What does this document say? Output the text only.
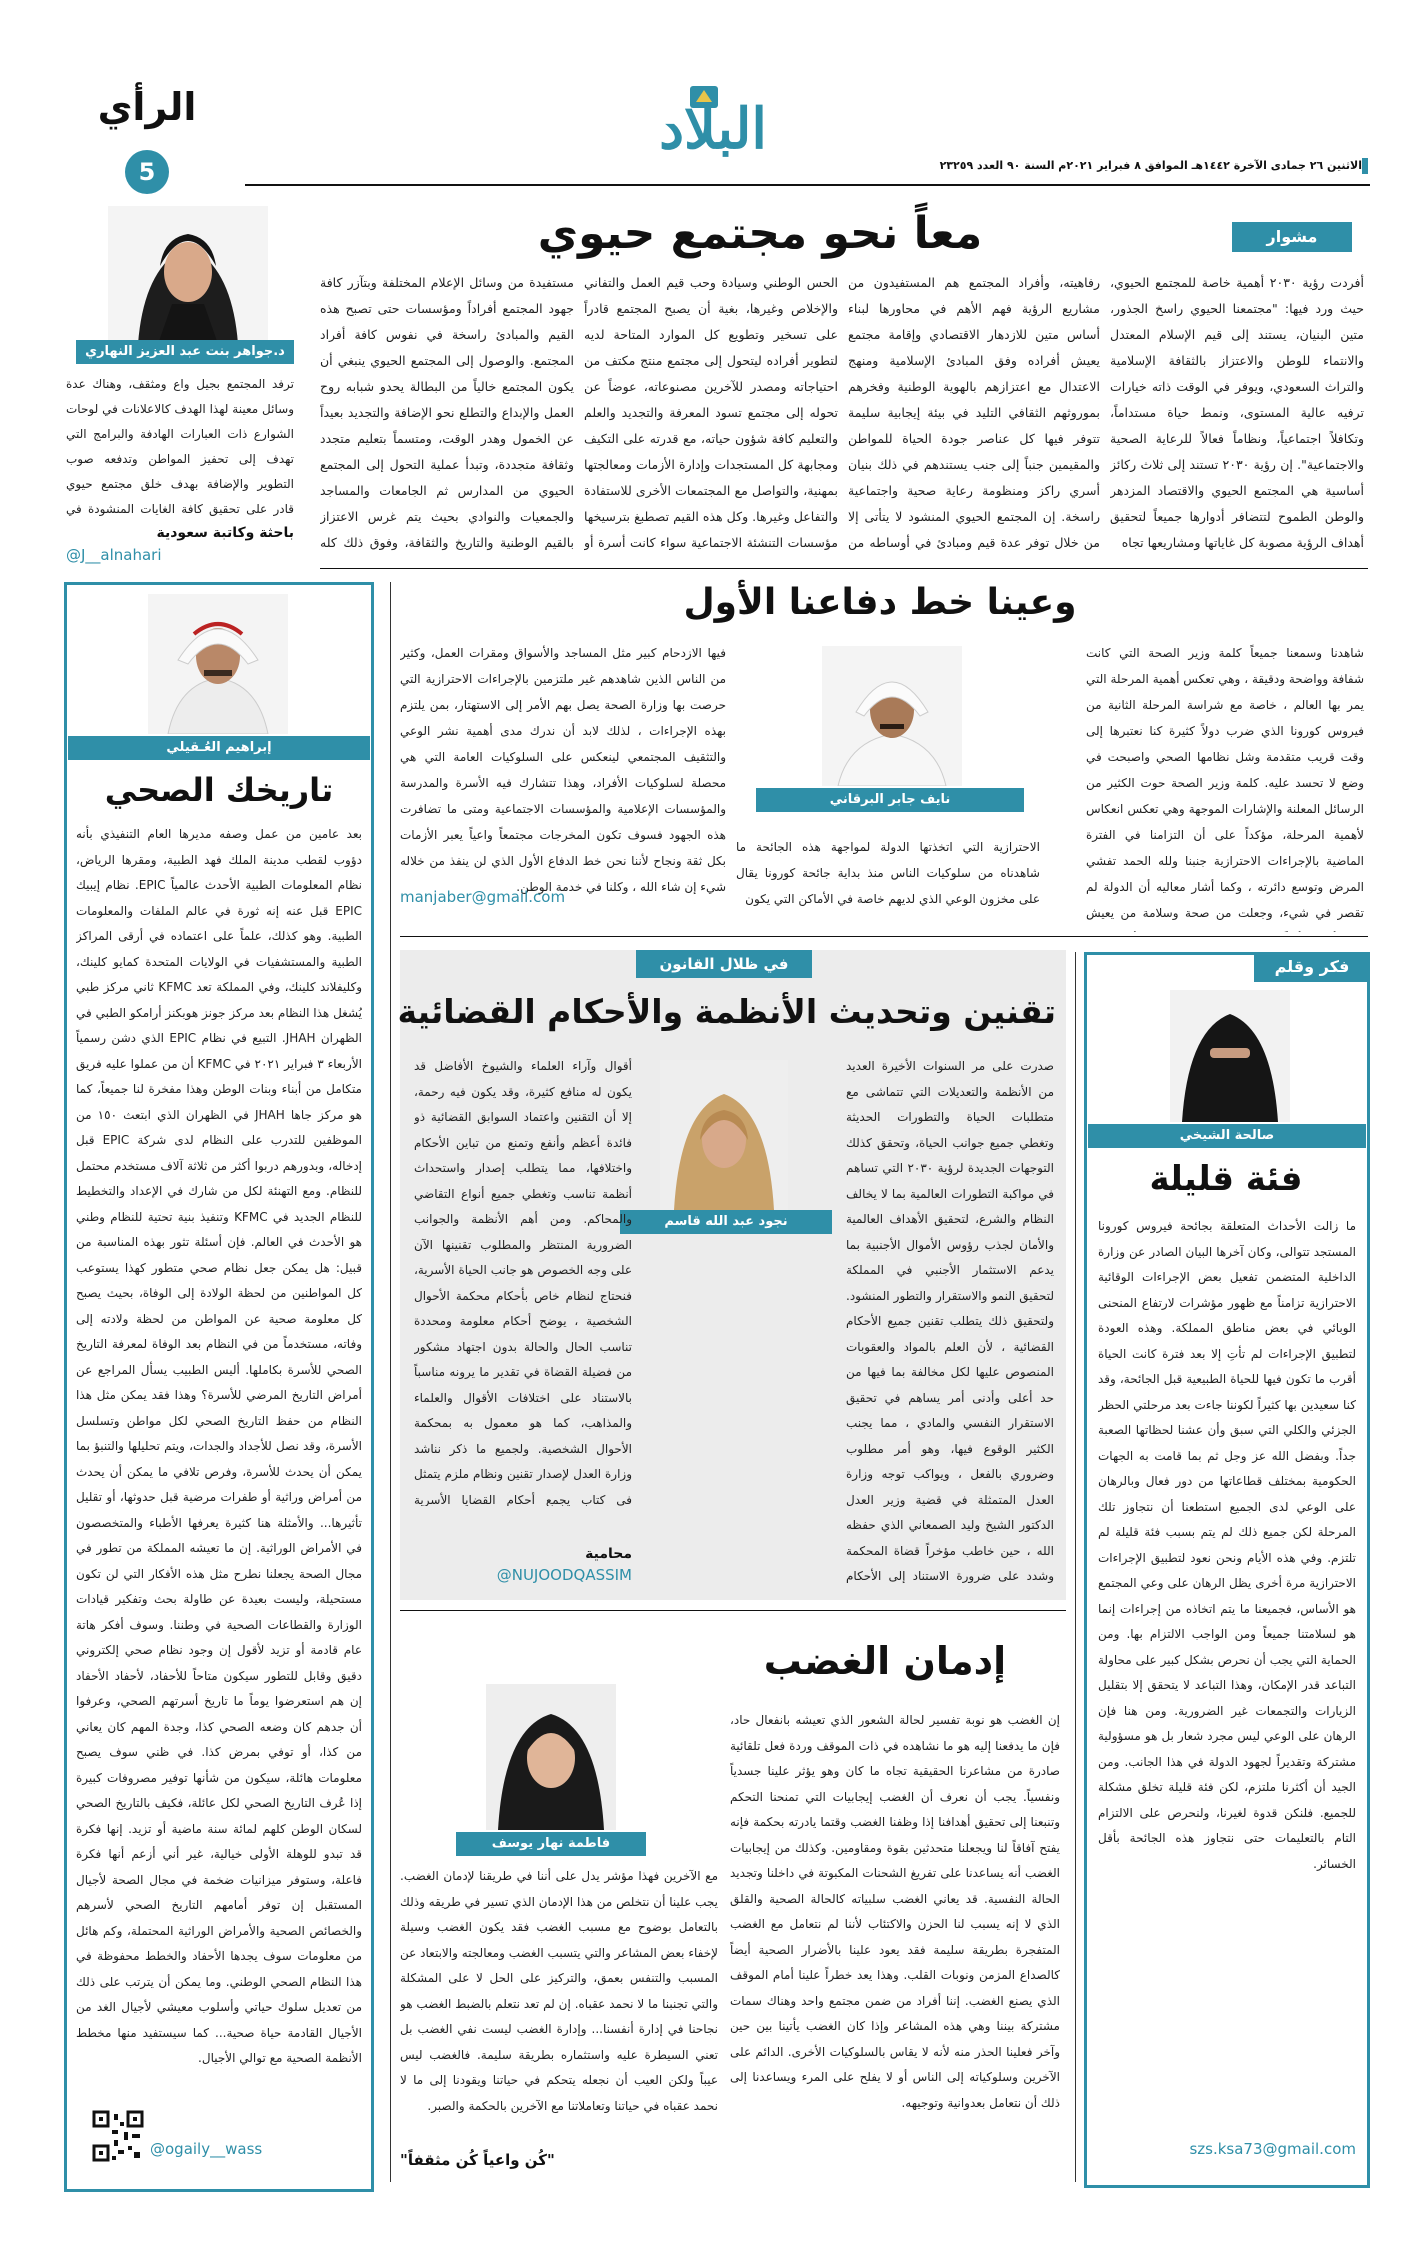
البلاد
الرأي
5	الاثنين ٢٦ جمادى الآخرة ١٤٤٢هـ الموافق ٨ فبراير ٢٠٢١م السنة ٩٠ العدد ٢٣٢٥٩
د.جواهر بنت عبد العزيز النهاري
ترفد المجتمع بجيل واع ومثقف، وهناك عدة وسائل معينة لهذا الهدف كالاعلانات في لوحات الشوارع ذات العبارات الهادفة والبرامج التي تهدف إلى تحفيز المواطن وتدفعه صوب التطوير والإضافة بهدف خلق مجتمع حيوي قادر على تحقيق كافة الغايات المنشودة في
باحثة وكاتبة سعودية
@J__alnahari
مشوار
معاً نحو مجتمع حيوي
أفردت رؤية ٢٠٣٠ أهمية خاصة للمجتمع الحيوي، حيث ورد فيها: "مجتمعنا الحيوي راسخ الجذور، متين البنيان، يستند إلى قيم الإسلام المعتدل والانتماء للوطن والاعتزاز بالثقافة الإسلامية والتراث السعودي، ويوفر في الوقت ذاته خيارات ترفيه عالية المستوى، ونمط حياة مستداماً، وتكافلاً اجتماعياً، ونظاماً فعالاً للرعاية الصحية والاجتماعية". إن رؤية ٢٠٣٠ تستند إلى ثلاث ركائز أساسية هي المجتمع الحيوي والاقتصاد المزدهر والوطن الطموح لتتضافر أدوارها جميعاً لتحقيق أهداف الرؤية مصوبة كل غاياتها ومشاريعها تجاه
رفاهيته، وأفراد المجتمع هم المستفيدون من مشاريع الرؤية فهم الأهم في محاورها لبناء أساس متين للازدهار الاقتصادي وإقامة مجتمع يعيش أفراده وفق المبادئ الإسلامية ومنهج الاعتدال مع اعتزازهم بالهوية الوطنية وفخرهم بموروثهم الثقافي التليد في بيئة إيجابية سليمة تتوفر فيها كل عناصر جودة الحياة للمواطن والمقيمين جنباً إلى جنب يستندهم في ذلك بنيان أسري راكز ومنظومة رعاية صحية واجتماعية راسخة. إن المجتمع الحيوي المنشود لا يتأتى إلا من خلال توفر عدة قيم ومبادئ في أوساطه من
الحس الوطني وسيادة وحب قيم العمل والتفاني والإخلاص وغيرها، بغية أن يصبح المجتمع قادراً على تسخير وتطويع كل الموارد المتاحة لديه لتطوير أفراده ليتحول إلى مجتمع منتج مكتف من احتياجاته ومصدر للآخرين مصنوعاته، عوضاً عن تحوله إلى مجتمع تسود المعرفة والتجديد والعلم والتعليم كافة شؤون حياته، مع قدرته على التكيف ومجابهة كل المستجدات وإدارة الأزمات ومعالجتها بمهنية، والتواصل مع المجتمعات الأخرى للاستفادة والتفاعل وغيرها. وكل هذه القيم تصطبغ بترسيخها مؤسسات التنشئة الاجتماعية سواء كانت أسرة أو
مستفيدة من وسائل الإعلام المختلفة وبتآزر كافة جهود المجتمع أفراداً ومؤسسات حتى تصبح هذه القيم والمبادئ راسخة في نفوس كافة أفراد المجتمع. والوصول إلى المجتمع الحيوي ينبغي أن يكون المجتمع خالياً من البطالة يحدو شبابه روح العمل والإبداع والتطلع نحو الإضافة والتجديد بعيداً عن الخمول وهدر الوقت، ومتسماً بتعليم متجدد وثقافة متجددة، وتبدأ عملية التحول إلى المجتمع الحيوي من المدارس ثم الجامعات والمساجد والجمعيات والنوادي بحيث يتم غرس الاعتزاز بالقيم الوطنية والتاريخ والثقافة، وفوق ذلك كله
إبراهيم العُـقيلي
تاريخك الصحي
بعد عامين من عمل وصفه مديرها العام التنفيذي بأنه دؤوب لقطب مدينة الملك فهد الطبية، ومقرها الرياض، نظام المعلومات الطبية الأحدث عالمياً EPIC. نظام إيبيك EPIC قبل عنه إنه ثورة في عالم الملفات والمعلومات الطبية. وهو كذلك، علماً على اعتماده في أرقى المراكز الطبية والمستشفيات في الولايات المتحدة كمايو كلينك، وكليفلاند كلينك، وفي المملكة تعد KFMC ثاني مركز طبي يُشغل هذا النظام بعد مركز جونز هوبكنز أرامكو الطبي في الظهران JHAH. التبيع في نظام EPIC الذي دشن رسمياً الأربعاء ٣ فبراير ٢٠٢١ في KFMC أن من عملوا عليه فريق متكامل من أبناء وبنات الوطن وهذا مفخرة لنا جميعاً، كما هو مركز جاها JHAH في الظهران الذي ابتعث ١٥٠ من الموظفين للتدرب على النظام لدى شركة EPIC قبل إدخاله، وبدورهم دربوا أكثر من ثلاثة آلاف مستخدم محتمل للنظام. ومع التهنئة لكل من شارك في الإعداد والتخطيط للنظام الجديد في KFMC وتنفيذ بنية تحتية للنظام وطني هو الأحدث في العالم. فإن أسئلة تثور بهذه المناسبة من قبيل: هل يمكن جعل نظام صحي متطور كهذا يستوعب كل المواطنين من لحظة الولادة إلى الوفاة، بحيث يصبح كل معلومة صحية عن المواطن من لحظة ولادته إلى وفاته، مستخدماً من في النظام بعد الوفاة لمعرفة التاريخ الصحي للأسرة بكاملها. أليس الطبيب يسأل المراجع عن أمراض التاريخ المرضي للأسرة؟ وهذا فقد يمكن مثل هذا النظام من حفظ التاريخ الصحي لكل مواطن وتسلسل الأسرة، وقد نصل للأجداد والجدات، ويتم تحليلها والتنبؤ بما يمكن أن يحدث للأسرة، وفرص تلافي ما يمكن أن يحدث من أمراض وراثية أو طفرات مرضية قبل حدوثها، أو تقليل تأثيرها... والأمثلة هنا كثيرة يعرفها الأطباء والمتخصصون في الأمراض الوراثية. إن ما تعيشه المملكة من تطور في مجال الصحة يجعلنا نطرح مثل هذه الأفكار التي لن تكون مستحيلة، وليست بعيدة عن طاولة بحث وتفكير قيادات الوزارة والقطاعات الصحية في وطننا. وسوف أفكر هاتة عام قادمة أو تزيد لأقول إن وجود نظام صحي إلكتروني دقيق وقابل للتطور سيكون متاحاً للأحفاد، لأحفاد الأحفاد إن هم استعرضوا يوماً ما تاريخ أسرتهم الصحي، وعرفوا أن جدهم كان وضعه الصحي كذا، وجدة المهم كان يعاني من كذا، أو توفي بمرض كذا. في ظني سوف يصبح معلومات هائلة، سيكون من شأنها توفير مصروفات كبيرة إذا عُرف التاريخ الصحي لكل عائلة، فكيف بالتاريخ الصحي لسكان الوطن كلهم لمائة سنة ماضية أو تزيد. إنها فكرة قد تبدو للوهلة الأولى خيالية، غير أني أزعم أنها فكرة فاعلة، وستوفر ميزانيات ضخمة في مجال الصحة لأجيال المستقبل إن توفر أمامهم التاريخ الصحي لأسرهم والخصائص الصحية والأمراض الوراثية المحتملة، وكم هائل من معلومات سوف يجدها الأحفاد والخطط محفوظة في هذا النظام الصحي الوطني. وما يمكن أن يترتب على ذلك من تعديل سلوك حياتي وأسلوب معيشي لأجيال الغد من الأجيال القادمة حياة صحية... كما سيستفيد منها مخطط الأنظمة الصحية مع توالي الأجيال.
@ogaily__wass
وعينا خط دفاعنا الأول
شاهدنا وسمعنا جميعاً كلمة وزير الصحة التي كانت شفافة وواضحة ودقيقة ، وهي تعكس أهمية المرحلة التي يمر بها العالم ، خاصة مع شراسة المرحلة الثانية من فيروس كورونا الذي ضرب دولاً كثيرة كنا نعتبرها إلى وقت قريب متقدمة وشل نظامها الصحي واصبحت في وضع لا تحسد عليه. كلمة وزير الصحة حوت الكثير من الرسائل المعلنة والإشارات الموجهة وهي تعكس انعكاس لأهمية المرحلة، مؤكداً على أن التزامنا في الفترة الماضية بالإجراءات الاحترازية جنبنا ولله الحمد تفشي المرض وتوسع دائرته ، وكما أشار معاليه أن الدولة لم تقصر في شيء، وجعلت من صحة وسلامة من يعيش
نايف جابر البرقاني
الاحترازية التي اتخذتها الدولة لمواجهة هذه الجائحة ما شاهدناه من سلوكيات الناس منذ بداية جائحة كورونا يقال على مخزون الوعي الذي لديهم خاصة في الأماكن التي يكون
فيها الازدحام كبير مثل المساجد والأسواق ومقرات العمل، وكثير من الناس الذين شاهدهم غير ملتزمين بالإجراءات الاحترازية التي حرصت بها وزارة الصحة يصل بهم الأمر إلى الاستهتار، بمن يلتزم بهذه الإجراءات ، لذلك لابد أن ندرك مدى أهمية نشر الوعي والتثقيف المجتمعي لينعكس على السلوكيات العامة التي هي محصلة لسلوكيات الأفراد، وهذا تتشارك فيه الأسرة والمدرسة والمؤسسات الإعلامية والمؤسسات الاجتماعية ومتى ما تضافرت هذه الجهود فسوف تكون المخرجات مجتمعاً واعياً يعبر الأزمات بكل ثقة ونجاح لأننا نحن خط الدفاع الأول الذي لن ينفذ من خلاله شيء إن شاء الله ، وكلنا في خدمة الوطن.
manjaber@gmail.com
فكر وقلم
صالحة الشيخي
فئة قليلة
ما زالت الأحداث المتعلقة بجائحة فيروس كورونا المستجد تتوالى، وكان آخرها البيان الصادر عن وزارة الداخلية المتضمن تفعيل بعض الإجراءات الوقائية الاحترازية تزامناً مع ظهور مؤشرات لارتفاع المنحنى الوبائي في بعض مناطق المملكة. وهذه العودة لتطبيق الإجراءات لم تأتِ إلا بعد فترة كانت الحياة أقرب ما تكون فيها للحياة الطبيعية قبل الجائحة، وقد كنا سعيدين بها كثيراً لكوننا جاءت بعد مرحلتي الحظر الجزئي والكلي التي سبق وأن عشنا لحظاتها الصعبة جداً. وبفضل الله عز وجل ثم بما قامت به الجهات الحكومية بمختلف قطاعاتها من دور فعال وبالرهان على الوعي لدى الجميع استطعنا أن نتجاوز تلك المرحلة لكن جميع ذلك لم يتم بسبب فئة قليلة لم تلتزم. وفي هذه الأيام ونحن نعود لتطبيق الإجراءات الاحترازية مرة أخرى يظل الرهان على وعي المجتمع هو الأساس، فجميعنا ما يتم اتخاذه من إجراءات إنما هو لسلامتنا جميعاً ومن الواجب الالتزام بها. ومن الحماية التي يجب أن نحرص بشكل كبير على محاولة التباعد قدر الإمكان، وهذا التباعد لا يتحقق إلا بتقليل الزيارات والتجمعات غير الضرورية. ومن هنا فإن الرهان على الوعي ليس مجرد شعار بل هو مسؤولية مشتركة وتقديراً لجهود الدولة في هذا الجانب. ومن الجيد أن أكثرنا ملتزم، لكن فئة قليلة تخلق مشكلة للجميع. فلنكن قدوة لغيرنا، ولنحرص على الالتزام التام بالتعليمات حتى نتجاوز هذه الجائحة بأقل الخسائر.
szs.ksa73@gmail.com
في ظلال القانون
تقنين وتحديث الأنظمة والأحكام القضائية
صدرت على مر السنوات الأخيرة العديد من الأنظمة والتعديلات التي تتماشى مع متطلبات الحياة والتطورات الحديثة وتغطي جميع جوانب الحياة، وتحقق كذلك التوجهات الجديدة لرؤية ٢٠٣٠ التي تساهم في مواكبة التطورات العالمية بما لا يخالف النظام والشرع، لتحقيق الأهداف العالمية والأمان لجذب رؤوس الأموال الأجنبية بما يدعم الاستثمار الأجنبي في المملكة لتحقيق النمو والاستقرار والتطور المنشود. ولتحقيق ذلك يتطلب تقنين جميع الأحكام القضائية ، لأن العلم بالمواد والعقوبات المنصوص عليها لكل مخالفة بما فيها من حد أعلى وأدنى أمر يساهم في تحقيق الاستقرار النفسي والمادي ، مما يجنب الكثير الوقوع فيها، وهو أمر مطلوب وضروري بالفعل ، ويواكب توجه وزارة العدل المتمثلة في قضية وزير العدل الدكتور الشيخ وليد الصمعاني الذي حفظه الله ، حين خاطب مؤخراً قضاة المحكمة وشدد على ضرورة الاستناد إلى الأحكام
نجود عبد الله قاسم
أقوال وآراء العلماء والشيوخ الأفاضل قد يكون له منافع كثيرة، وقد يكون فيه رحمة، إلا أن التقنين واعتماد السوابق القضائية ذو فائدة أعظم وأنفع وتمنع من تباين الأحكام واختلافها، مما يتطلب إصدار واستحداث أنظمة تناسب وتغطي جميع أنواع التقاضي والمحاكم. ومن أهم الأنظمة والجوانب الضرورية المنتظر والمطلوب تقنينها الآن على وجه الخصوص هو جانب الحياة الأسرية، فنحتاج لنظام خاص بأحكام محكمة الأحوال الشخصية ، يوضح أحكام معلومة ومحددة تناسب الحال والحالة بدون اجتهاد مشكور من فضيلة القضاة في تقدير ما يرونه مناسباً بالاستناد على اختلافات الأقوال والعلماء والمذاهب، كما هو معمول به بمحكمة الأحوال الشخصية. ولجميع ما ذكر نناشد وزارة العدل لإصدار تقنين ونظام ملزم يتمثل في كتاب يجمع أحكام القضايا الأسرية
محامية
@NUJOODQASSIM
إدمان الغضب
إن الغضب هو نوبة تفسير لحالة الشعور الذي تعيشه بانفعال حاد، فإن ما يدفعنا إليه هو ما نشاهده في ذات الموقف وردة فعل تلقائية صادرة من مشاعرنا الحقيقية تجاه ما كان وهو يؤثر علينا جسدياً ونفسياً. يجب أن نعرف أن الغضب إيجابيات التي تمنحنا التحكم وتنبعنا إلى تحقيق أهدافنا إذا وظفنا الغضب وقتما يادرته بحكمة فإنه يفتح آفاقاً لنا ويجعلنا متحدثين بقوة ومقاومين. وكذلك من إيجابيات الغضب أنه يساعدنا على تفريغ الشحنات المكبوتة في داخلنا وتجديد الحالة النفسية. قد يعاني الغضب سلبياته كالحالة الصحية والقلق الذي لا إنه يسبب لنا الحزن والاكتئاب لأننا لم نتعامل مع الغضب المتفجرة بطريقة سليمة فقد يعود علينا بالأضرار الصحية أيضاً كالصداع المزمن ونوبات القلب. وهذا يعد خطراً علينا أمام الموقف الذي يصنع الغضب. إننا أفراد من ضمن مجتمع واحد وهناك سمات مشتركة بيننا وهي هذه المشاعر وإذا كان الغضب يأتينا بين حين وآخر فعلينا الحذر منه لأنه لا يقاس بالسلوكيات الأخرى. الدائم على الآخرين وسلوكياته إلى الناس أو لا يفلح على المرء ويساعدنا إلى ذلك أن نتعامل بعدوانية وتوجيهه.
فاطمة نهار يوسف
مع الآخرين فهذا مؤشر يدل على أننا في طريقنا لإدمان الغضب. يجب علينا أن نتخلص من هذا الإدمان الذي تسير في طريقه وذلك بالتعامل بوضوح مع مسبب الغضب فقد يكون الغضب وسيلة لإخفاء بعض المشاعر والتي يتسبب الغضب ومعالجته والابتعاد عن المسبب والتنفس بعمق، والتركيز على الحل لا على المشكلة والتي تجنبنا ما لا نحمد عقباه. إن لم تعد نتعلم بالضبط الغضب هو نجاحنا في إدارة أنفسنا... وإدارة الغضب ليست نفي الغضب بل تعني السيطرة عليه واستثماره بطريقة سليمة. فالغضب ليس عيباً ولكن العيب أن نجعله يتحكم في حياتنا ويقودنا إلى ما لا نحمد عقباه في حياتنا وتعاملاتنا مع الآخرين بالحكمة والصبر.
"كُن واعياً كُن مثقفاً"
